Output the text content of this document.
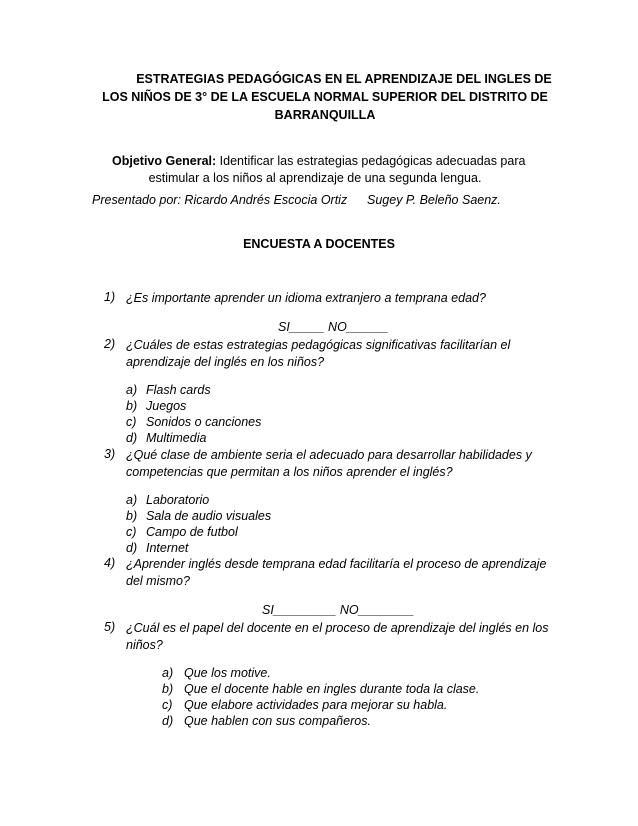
ESTRATEGIAS PEDAGÓGICAS EN EL APRENDIZAJE DEL INGLES DE
LOS NIÑOS DE 3° DE LA ESCUELA NORMAL SUPERIOR DEL DISTRITO DE
BARRANQUILLA
Objetivo General: Identificar las estrategias pedagógicas adecuadas para
estimular a los niños al aprendizaje de una segunda lengua.
Presentado por: Ricardo Andrés Escocia Ortiz Sugey P. Beleño Saenz.
ENCUESTA A DOCENTES
1) ¿Es importante aprender un idioma extranjero a temprana edad?
SI_____ NO______
2) ¿Cuáles de estas estrategias pedagógicas significativas facilitarían el
aprendizaje del inglés en los niños?
a) Flash cards
b) Juegos
c) Sonidos o canciones
d) Multimedia
3) ¿Qué clase de ambiente seria el adecuado para desarrollar habilidades y
competencias que permitan a los niños aprender el inglés?
a) Laboratorio
b) Sala de audio visuales
c) Campo de futbol
d) Internet
4) ¿Aprender inglés desde temprana edad facilitaría el proceso de aprendizaje
del mismo?
SI_________ NO________
5) ¿Cuál es el papel del docente en el proceso de aprendizaje del inglés en los
niños?
a) Que los motive.
b) Que el docente hable en ingles durante toda la clase.
c) Que elabore actividades para mejorar su habla.
d) Que hablen con sus compañeros.
